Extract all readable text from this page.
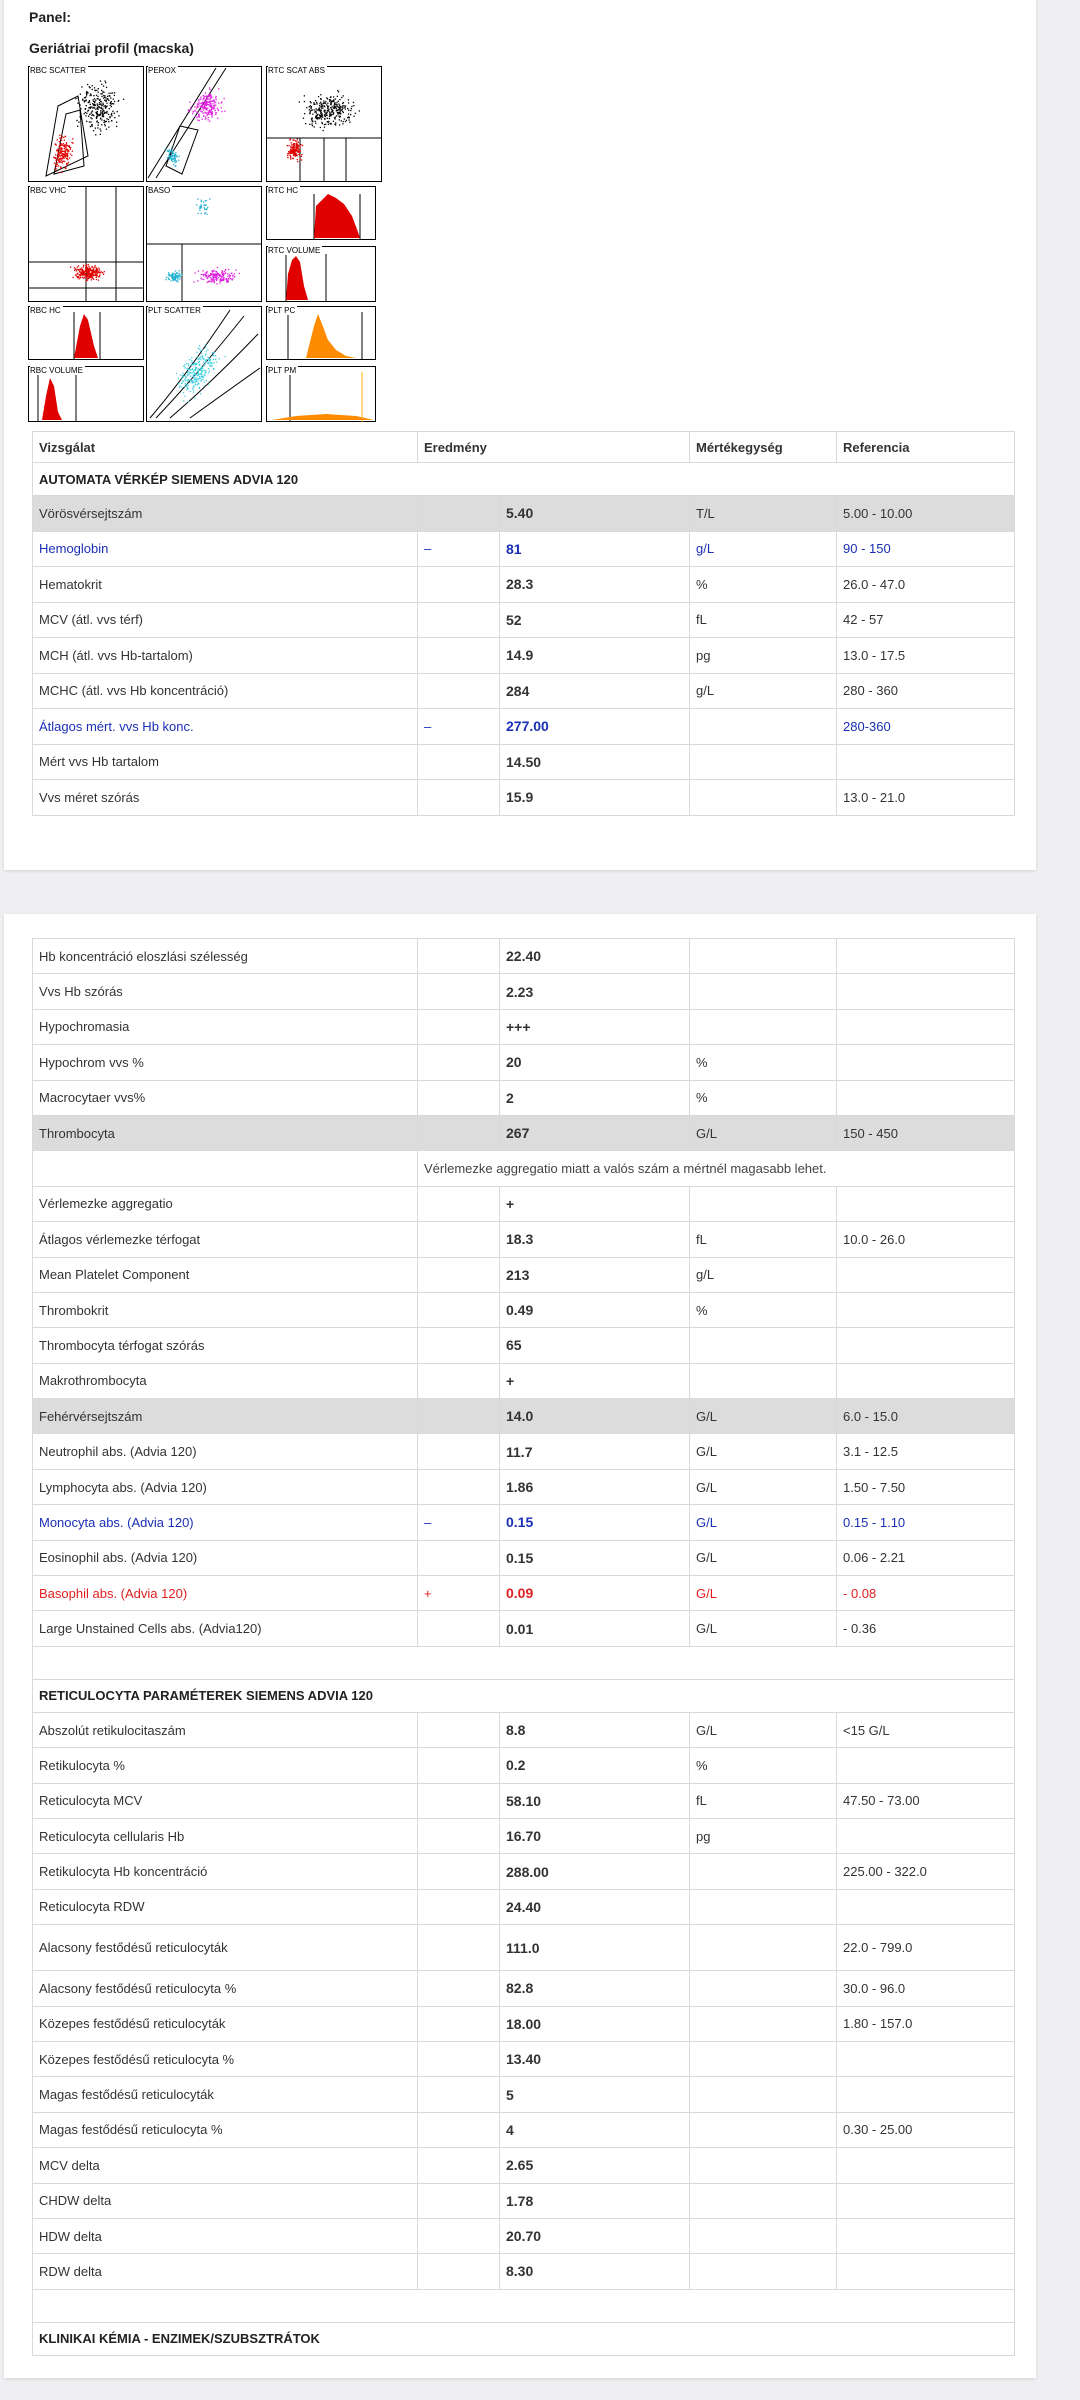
Panel:
Geriátriai profil (macska)
RBC SCATTER	PEROX	RTC SCAT ABS
RBC VHC	BASO	RTC HC
RTC VOLUME
RBC HC	PLT SCATTER	PLT PC
RBC VOLUME	PLT PM
Vizsgálat	Eredmény		Mértékegység	Referencia
AUTOMATA VÉRKÉP SIEMENS ADVIA 120				
Vörösvérsejtszám		5.40	T/L	5.00 - 10.00
Hemoglobin	–	81	g/L	90 - 150
Hematokrit		28.3	%	26.0 - 47.0
MCV (átl. vvs térf)		52	fL	42 - 57
MCH (átl. vvs Hb-tartalom)		14.9	pg	13.0 - 17.5
MCHC (átl. vvs Hb koncentráció)		284	g/L	280 - 360
Átlagos mért. vvs Hb konc.	–	277.00		280-360
Mért vvs Hb tartalom		14.50		
Vvs méret szórás		15.9		13.0 - 21.0
Hb koncentráció eloszlási szélesség		22.40		
Vvs Hb szórás		2.23		
Hypochromasia		+++		
Hypochrom vvs %		20	%	
Macrocytaer vvs%		2	%	
Thrombocyta		267	G/L	150 - 450
	Vérlemezke aggregatio miatt a valós szám a mértnél magasabb lehet.			
Vérlemezke aggregatio		+		
Átlagos vérlemezke térfogat		18.3	fL	10.0 - 26.0
Mean Platelet Component		213	g/L	
Thrombokrit		0.49	%	
Thrombocyta térfogat szórás		65		
Makrothrombocyta		+		
Fehérvérsejtszám		14.0	G/L	6.0 - 15.0
Neutrophil abs. (Advia 120)		11.7	G/L	3.1 - 12.5
Lymphocyta abs. (Advia 120)		1.86	G/L	1.50 - 7.50
Monocyta abs. (Advia 120)	–	0.15	G/L	0.15 - 1.10
Eosinophil abs. (Advia 120)		0.15	G/L	0.06 - 2.21
Basophil abs. (Advia 120)	+	0.09	G/L	- 0.08
Large Unstained Cells abs. (Advia120)		0.01	G/L	- 0.36

RETICULOCYTA PARAMÉTEREK SIEMENS ADVIA 120				
Abszolút retikulocitaszám		8.8	G/L	<15 G/L
Retikulocyta %		0.2	%	
Reticulocyta MCV		58.10	fL	47.50 - 73.00
Reticulocyta cellularis Hb		16.70	pg	
Retikulocyta Hb koncentráció		288.00		225.00 - 322.0
Reticulocyta RDW		24.40		
Alacsony festődésű reticulocyták		111.0		22.0 - 799.0
Alacsony festődésű reticulocyta %		82.8		30.0 - 96.0
Közepes festődésű reticulocyták		18.00		1.80 - 157.0
Közepes festődésű reticulocyta %		13.40		
Magas festődésű reticulocyták		5		
Magas festődésű reticulocyta %		4		0.30 - 25.00
MCV delta		2.65		
CHDW delta		1.78		
HDW delta		20.70		
RDW delta		8.30		

KLINIKAI KÉMIA - ENZIMEK/SZUBSZTRÁTOK				
